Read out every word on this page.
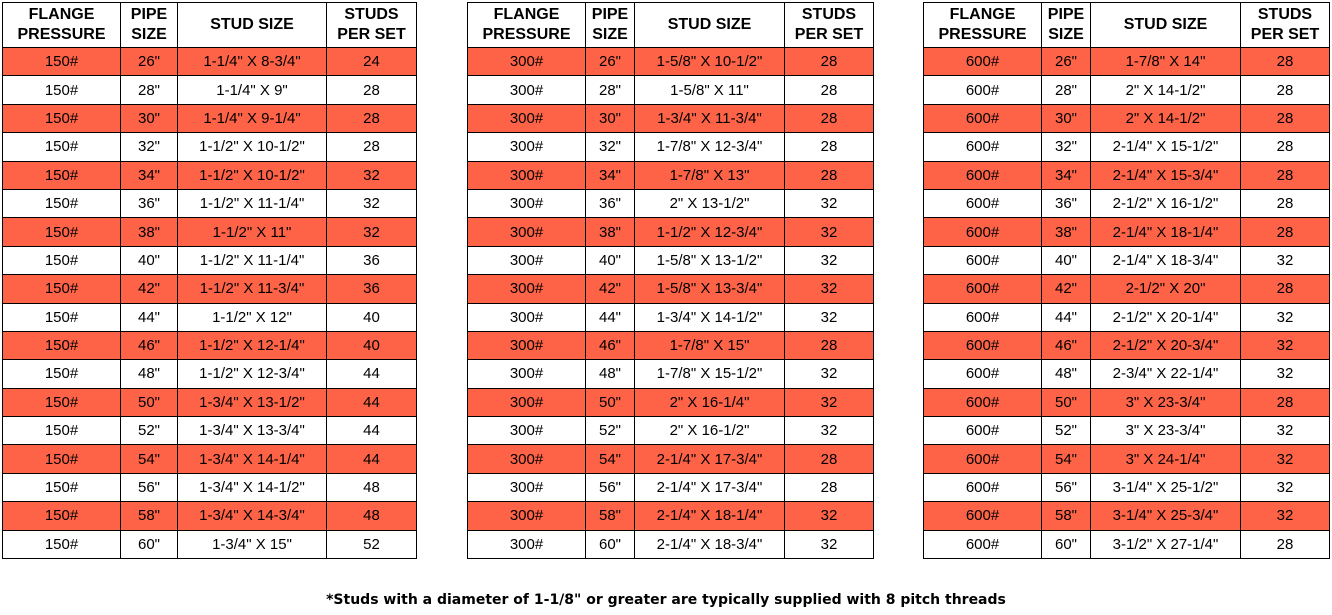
FLANGE
PRESSURE	PIPE
SIZE	STUD SIZE	STUDS
PER SET

150#	26"	1-1/4" X 8-3/4"	24
150#	28"	1-1/4" X 9"	28
150#	30"	1-1/4" X 9-1/4"	28
150#	32"	1-1/2" X 10-1/2"	28
150#	34"	1-1/2" X 10-1/2"	32
150#	36"	1-1/2" X 11-1/4"	32
150#	38"	1-1/2" X 11"	32
150#	40"	1-1/2" X 11-1/4"	36
150#	42"	1-1/2" X 11-3/4"	36
150#	44"	1-1/2" X 12"	40
150#	46"	1-1/2" X 12-1/4"	40
150#	48"	1-1/2" X 12-3/4"	44
150#	50"	1-3/4" X 13-1/2"	44
150#	52"	1-3/4" X 13-3/4"	44
150#	54"	1-3/4" X 14-1/4"	44
150#	56"	1-3/4" X 14-1/2"	48
150#	58"	1-3/4" X 14-3/4"	48
150#	60"	1-3/4" X 15"	52
FLANGE
PRESSURE	PIPE
SIZE	STUD SIZE	STUDS
PER SET

300#	26"	1-5/8" X 10-1/2"	28
300#	28"	1-5/8" X 11"	28
300#	30"	1-3/4" X 11-3/4"	28
300#	32"	1-7/8" X 12-3/4"	28
300#	34"	1-7/8" X 13"	28
300#	36"	2" X 13-1/2"	32
300#	38"	1-1/2" X 12-3/4"	32
300#	40"	1-5/8" X 13-1/2"	32
300#	42"	1-5/8" X 13-3/4"	32
300#	44"	1-3/4" X 14-1/2"	32
300#	46"	1-7/8" X 15"	28
300#	48"	1-7/8" X 15-1/2"	32
300#	50"	2" X 16-1/4"	32
300#	52"	2" X 16-1/2"	32
300#	54"	2-1/4" X 17-3/4"	28
300#	56"	2-1/4" X 17-3/4"	28
300#	58"	2-1/4" X 18-1/4"	32
300#	60"	2-1/4" X 18-3/4"	32
FLANGE
PRESSURE	PIPE
SIZE	STUD SIZE	STUDS
PER SET

600#	26"	1-7/8" X 14"	28
600#	28"	2" X 14-1/2"	28
600#	30"	2" X 14-1/2"	28
600#	32"	2-1/4" X 15-1/2"	28
600#	34"	2-1/4" X 15-3/4"	28
600#	36"	2-1/2" X 16-1/2"	28
600#	38"	2-1/4" X 18-1/4"	28
600#	40"	2-1/4" X 18-3/4"	32
600#	42"	2-1/2" X 20"	28
600#	44"	2-1/2" X 20-1/4"	32
600#	46"	2-1/2" X 20-3/4"	32
600#	48"	2-3/4" X 22-1/4"	32
600#	50"	3" X 23-3/4"	28
600#	52"	3" X 23-3/4"	32
600#	54"	3" X 24-1/4"	32
600#	56"	3-1/4" X 25-1/2"	32
600#	58"	3-1/4" X 25-3/4"	32
600#	60"	3-1/2" X 27-1/4"	28
*Studs with a diameter of 1-1/8" or greater are typically supplied with 8 pitch threads
